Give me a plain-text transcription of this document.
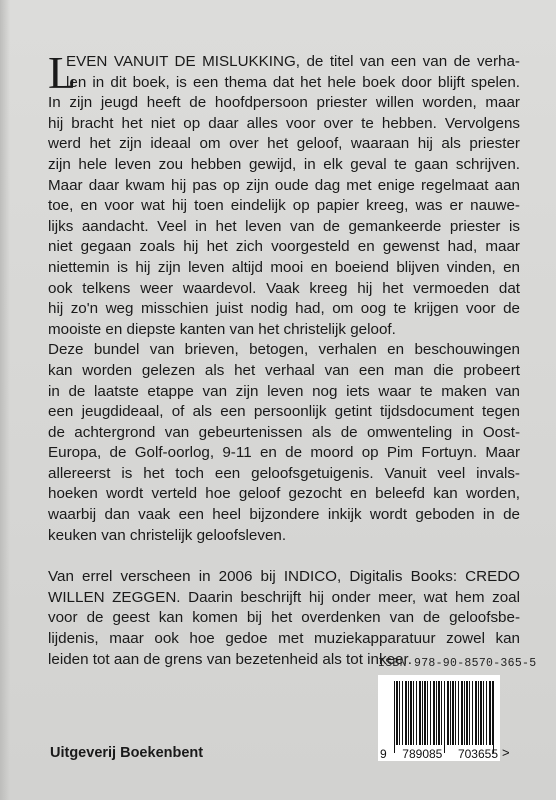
L
EVEN VANUIT DE MISLUKKING, de titel van een van de verha-
len in dit boek, is een thema dat het hele boek door blijft spelen.
In zijn jeugd heeft de hoofdpersoon priester willen worden, maar
hij bracht het niet op daar alles voor over te hebben. Vervolgens
werd het zijn ideaal om over het geloof, waaraan hij als priester
zijn hele leven zou hebben gewijd, in elk geval te gaan schrijven.
Maar daar kwam hij pas op zijn oude dag met enige regelmaat aan
toe, en voor wat hij toen eindelijk op papier kreeg, was er nauwe-
lijks aandacht. Veel in het leven van de gemankeerde priester is
niet gegaan zoals hij het zich voorgesteld en gewenst had, maar
niettemin is hij zijn leven altijd mooi en boeiend blijven vinden, en
ook telkens weer waardevol. Vaak kreeg hij het vermoeden dat
hij zo'n weg misschien juist nodig had, om oog te krijgen voor de
mooiste en diepste kanten van het christelijk geloof.
Deze bundel van brieven, betogen, verhalen en beschouwingen
kan worden gelezen als het verhaal van een man die probeert
in de laatste etappe van zijn leven nog iets waar te maken van
een jeugdideaal, of als een persoonlijk getint tijdsdocument tegen
de achtergrond van gebeurtenissen als de omwenteling in Oost-
Europa, de Golf-oorlog, 9-11 en de moord op Pim Fortuyn. Maar
allereerst is het toch een geloofsgetuigenis. Vanuit veel invals-
hoeken wordt verteld hoe geloof gezocht en beleefd kan worden,
waarbij dan vaak een heel bijzondere inkijk wordt geboden in de
keuken van christelijk geloofsleven.
Van errel verscheen in 2006 bij INDICO, Digitalis Books: CREDO
WILLEN ZEGGEN. Daarin beschrijft hij onder meer, wat hem zoal
voor de geest kan komen bij het overdenken van de geloofsbe-
lijdenis, maar ook hoe gedoe met muziekapparatuur zowel kan
leiden tot aan de grens van bezetenheid als tot inkeer.
ISBN 978-90-8570-365-5
9 789085 703655 >
Uitgeverij Boekenbent
